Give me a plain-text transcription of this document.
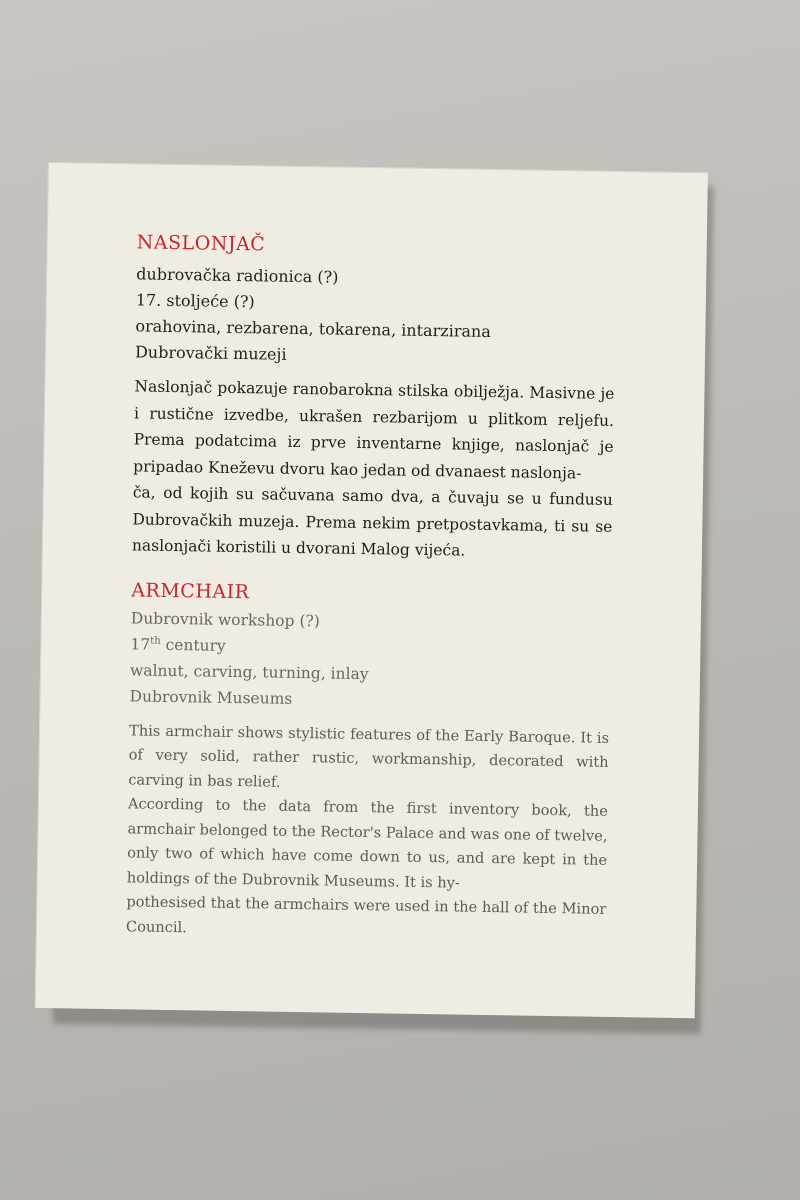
NASLONJAČ
dubrovačka radionica (?)
17. stoljeće (?)
orahovina, rezbarena, tokarena, intarzirana
Dubrovački muzeji
Naslonjač pokazuje ranobarokna stilska obilježja. Masivne je i rustične izvedbe, ukrašen rezbarijom u plitkom reljefu. Prema podatcima iz prve inventarne knjige, naslonjač je pripadao Kneževu dvoru kao jedan od dvanaest naslonja-
ča, od kojih su sačuvana samo dva, a čuvaju se u fundusu Dubrovačkih muzeja. Prema nekim pretpostavkama, ti su se naslonjači koristili u dvorani Malog vijeća.
ARMCHAIR
Dubrovnik workshop (?)
17th century
walnut, carving, turning, inlay
Dubrovnik Museums
This armchair shows stylistic features of the Early Baroque. It is of very solid, rather rustic, workmanship, decorated with carving in bas relief.
According to the data from the first inventory book, the armchair belonged to the Rector's Palace and was one of twelve, only two of which have come down to us, and are kept in the holdings of the Dubrovnik Museums. It is hy-
pothesised that the armchairs were used in the hall of the Minor Council.
